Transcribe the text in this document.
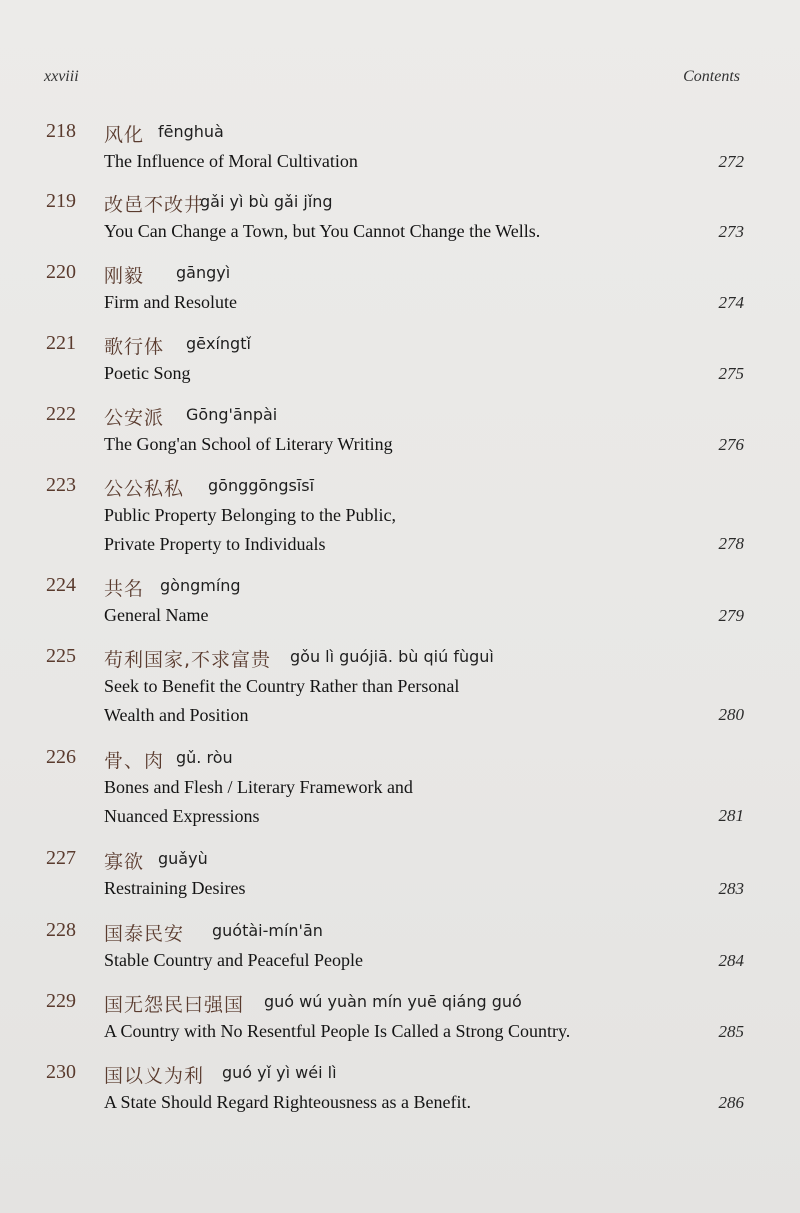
xxviii	Contents
218 风化 fēnghuà
The Influence of Moral Cultivation	272
219 改邑不改井
gǎi yì bù gǎi jǐng
You Can Change a Town, but You Cannot Change the Wells.	273
220 刚毅 gāngyì
Firm and Resolute	274
221 歌行体 gēxíngtǐ
Poetic Song	275
222 公安派 Gōng'ānpài
The Gong'an School of Literary Writing	276
223 公公私私 gōnggōngsīsī
Public Property Belonging to the Public,
Private Property to Individuals	278
224 共名 gòngmíng
General Name	279
225 苟利国家,不求富贵 gǒu lì guójiā. bù qiú fùguì
Seek to Benefit the Country Rather than Personal
Wealth and Position	280
226 骨、肉 gǔ. ròu
Bones and Flesh / Literary Framework and
Nuanced Expressions	281
227 寡欲 guǎyù
Restraining Desires	283
228 国泰民安 guótài-mín'ān
Stable Country and Peaceful People	284
229 国无怨民曰强国 guó wú yuàn mín yuē qiáng guó
A Country with No Resentful People Is Called a Strong Country.	285
230 国以义为利 guó yǐ yì wéi lì
A State Should Regard Righteousness as a Benefit.	286
